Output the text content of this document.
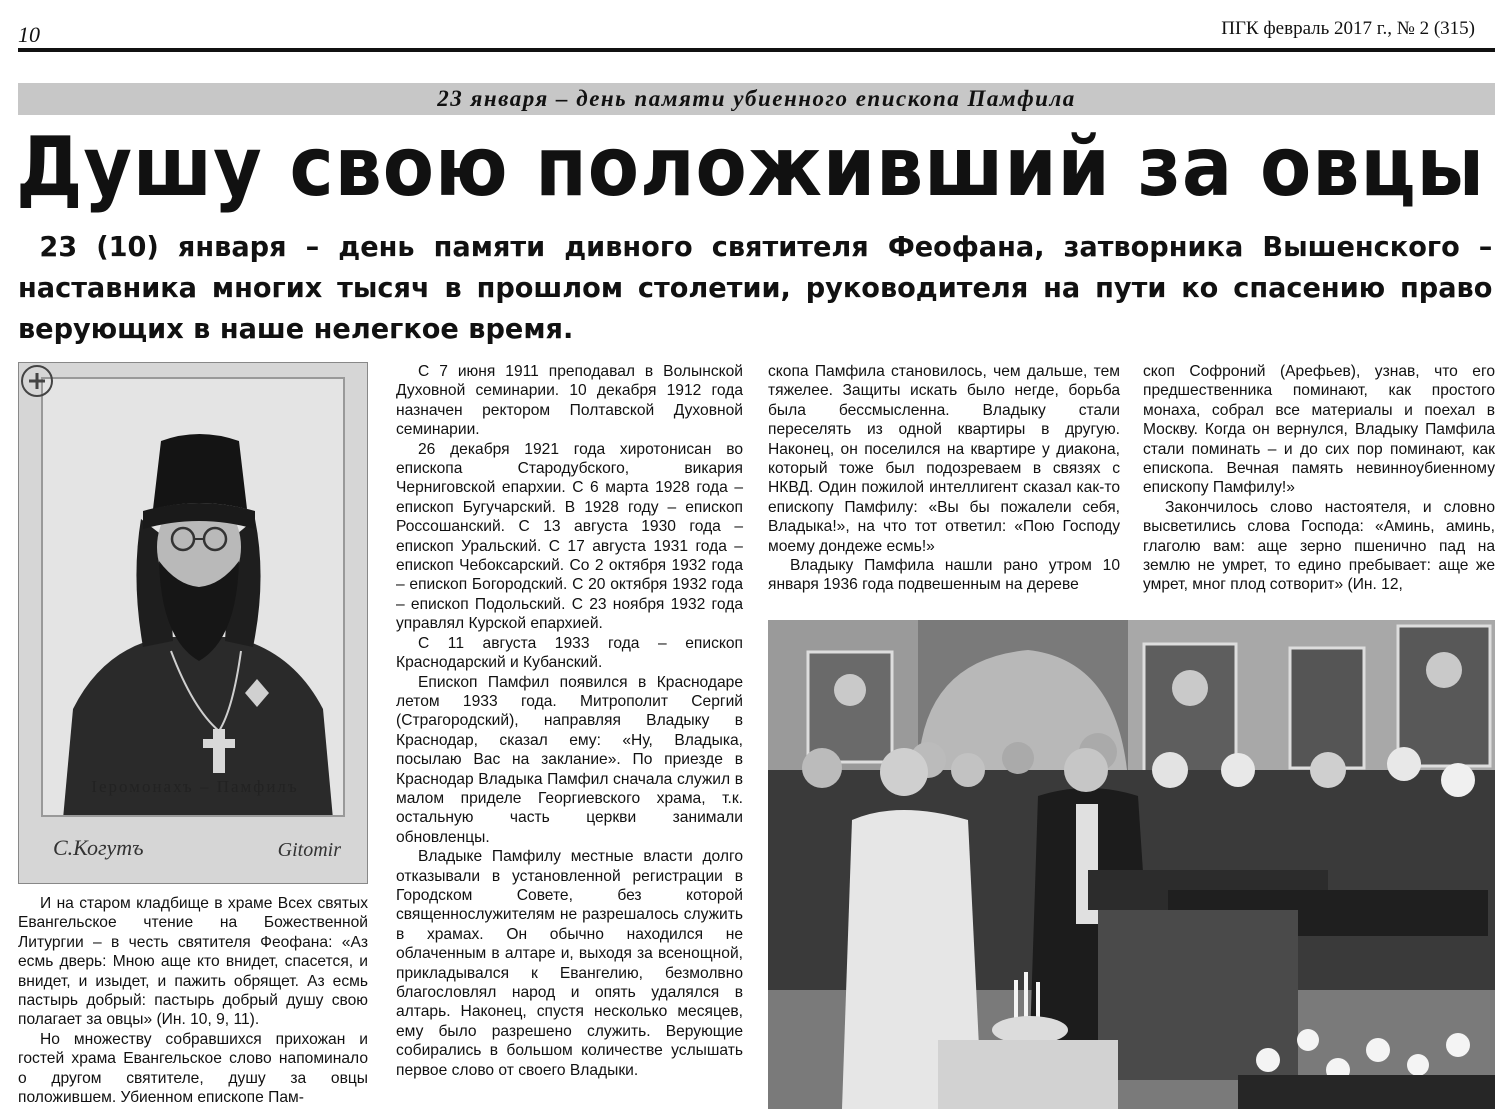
10	ПГК февраль 2017 г., № 2 (315)
23 января – день памяти убиенного епископа Памфила
Душу свою положивший за овцы

23 (10) января – день памяти дивного святителя Феофана, затворника Вышенского – наставника многих тысяч в прошлом столетии, руководителя на пути ко спасению право верующих в наше нелегкое время.

Iеромонахъ – Памфилъ
С.Когутъ	Gitomir

И на старом кладбище в храме Всех святых Евангельское чтение на Божественной Литургии – в честь святителя Феофана: «Аз есмь дверь: Мною аще кто внидет, спасется, и внидет, и изыдет, и пажить обрящет. Аз есмь пастырь добрый: пастырь добрый душу свою полагает за овцы» (Ин. 10, 9, 11).

Но множеству собравшихся прихожан и гостей храма Евангельское слово напоминало о другом святителе, душу за овцы положившем. Убиенном епископе Пам-

С 7 июня 1911 преподавал в Волынской Духовной семинарии. 10 декабря 1912 года назначен ректором Полтавской Духовной семинарии.

26 декабря 1921 года хиротонисан во епископа Стародубского, викария Черниговской епархии. С 6 марта 1928 года – епископ Бугучарский. В 1928 году – епископ Россошанский. С 13 августа 1930 года – епископ Уральский. С 17 августа 1931 года – епископ Чебоксарский. Со 2 октября 1932 года – епископ Богородский. С 20 октября 1932 года – епископ Подольский. С 23 ноября 1932 года управлял Курской епархией.

С 11 августа 1933 года – епископ Краснодарский и Кубанский.

Епископ Памфил появился в Краснодаре летом 1933 года. Митрополит Сергий (Страгородский), направляя Владыку в Краснодар, сказал ему: «Ну, Владыка, посылаю Вас на заклание». По приезде в Краснодар Владыка Памфил сначала служил в малом приделе Георгиевского храма, т.к. остальную часть церкви занимали обновленцы.

Владыке Памфилу местные власти долго отказывали в установленной регистрации в Городском Совете, без которой священнослужителям не разрешалось служить в храмах. Он обычно находился не облаченным в алтаре и, выходя за всенощной, прикладывался к Евангелию, безмолвно благословлял народ и опять удалялся в алтарь. Наконец, спустя несколько месяцев, ему было разрешено служить. Верующие собирались в большом количестве услышать первое слово от своего Владыки.

скопа Памфила становилось, чем дальше, тем тяжелее. Защиты искать было негде, борьба была бессмысленна. Владыку стали переселять из одной квартиры в другую. Наконец, он поселился на квартире у диакона, который тоже был подозреваем в связях с НКВД. Один пожилой интеллигент сказал как-то епископу Памфилу: «Вы бы пожалели себя, Владыка!», на что тот ответил: «Пою Господу моему дондеже есмь!»

Владыку Памфила нашли рано утром 10 января 1936 года подвешенным на дереве

скоп Софроний (Арефьев), узнав, что его предшественника поминают, как простого монаха, собрал все материалы и поехал в Москву. Когда он вернулся, Владыку Памфила стали поминать – и до сих пор поминают, как епископа. Вечная память невинноубиенному епископу Памфилу!»

Закончилось слово настоятеля, и словно высветились слова Господа: «Аминь, аминь, глаголю вам: аще зерно пшенично пад на землю не умрет, то едино пребывает: аще же умрет, мног плод сотворит» (Ин. 12,
